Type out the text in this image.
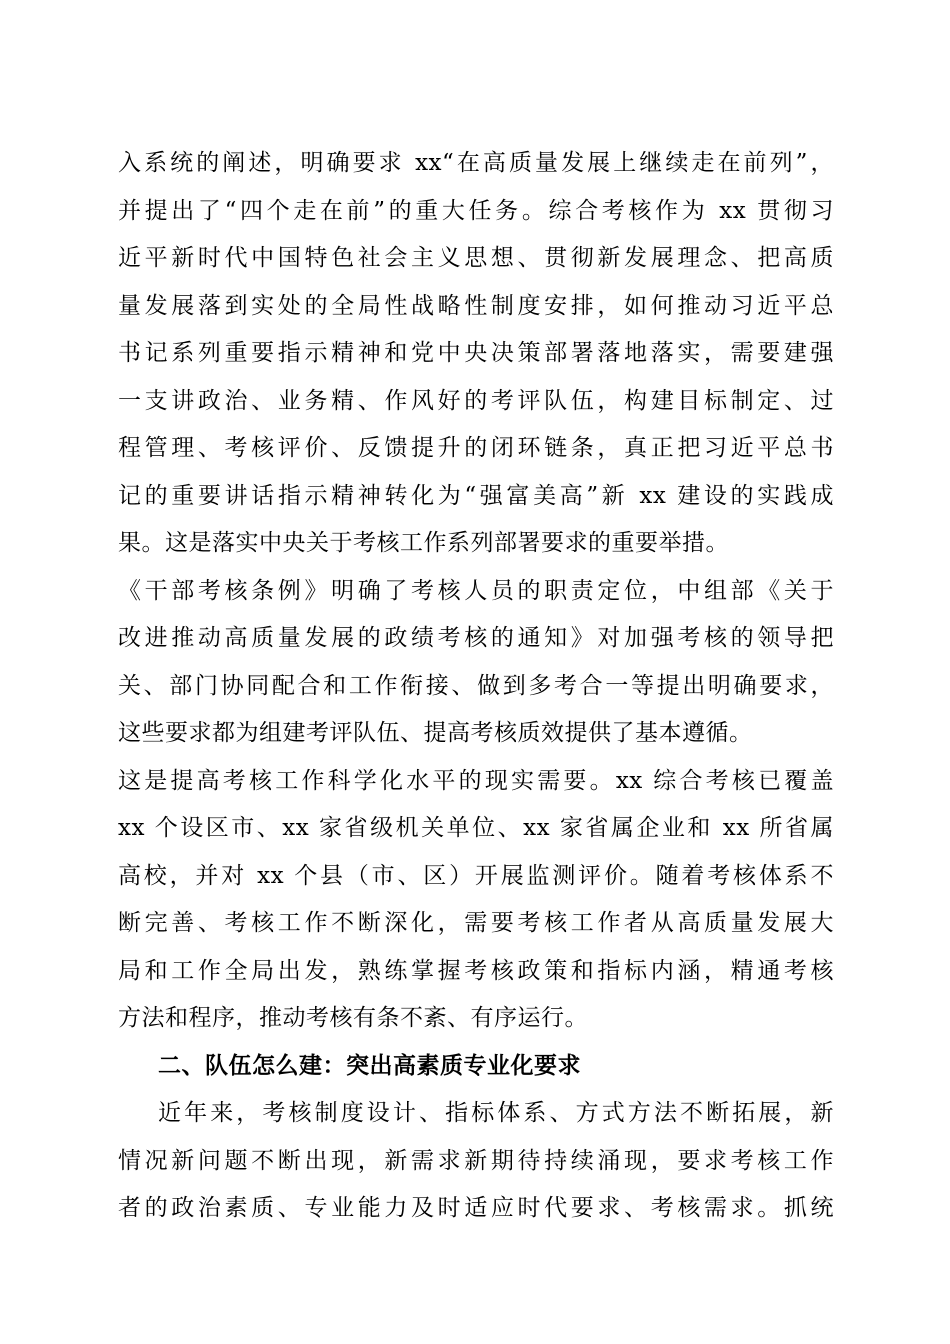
入系统的阐述，明确要求 xx“在高质量发展上继续走在前列”，
并提出了“四个走在前”的重大任务。综合考核作为 xx 贯彻习
近平新时代中国特色社会主义思想、贯彻新发展理念、把高质
量发展落到实处的全局性战略性制度安排，如何推动习近平总
书记系列重要指示精神和党中央决策部署落地落实，需要建强
一支讲政治、业务精、作风好的考评队伍，构建目标制定、过
程管理、考核评价、反馈提升的闭环链条，真正把习近平总书
记的重要讲话指示精神转化为“强富美高”新 xx 建设的实践成
果。这是落实中央关于考核工作系列部署要求的重要举措。
《干部考核条例》明确了考核人员的职责定位，中组部《关于
改进推动高质量发展的政绩考核的通知》对加强考核的领导把
关、部门协同配合和工作衔接、做到多考合一等提出明确要求，
这些要求都为组建考评队伍、提高考核质效提供了基本遵循。
这是提高考核工作科学化水平的现实需要。xx 综合考核已覆盖
xx 个设区市、xx 家省级机关单位、xx 家省属企业和 xx 所省属
高校，并对 xx 个县（市、区）开展监测评价。随着考核体系不
断完善、考核工作不断深化，需要考核工作者从高质量发展大
局和工作全局出发，熟练掌握考核政策和指标内涵，精通考核
方法和程序，推动考核有条不紊、有序运行。
二、队伍怎么建：突出高素质专业化要求
近年来，考核制度设计、指标体系、方式方法不断拓展，新
情况新问题不断出现，新需求新期待持续涌现，要求考核工作
者的政治素质、专业能力及时适应时代要求、考核需求。抓统
